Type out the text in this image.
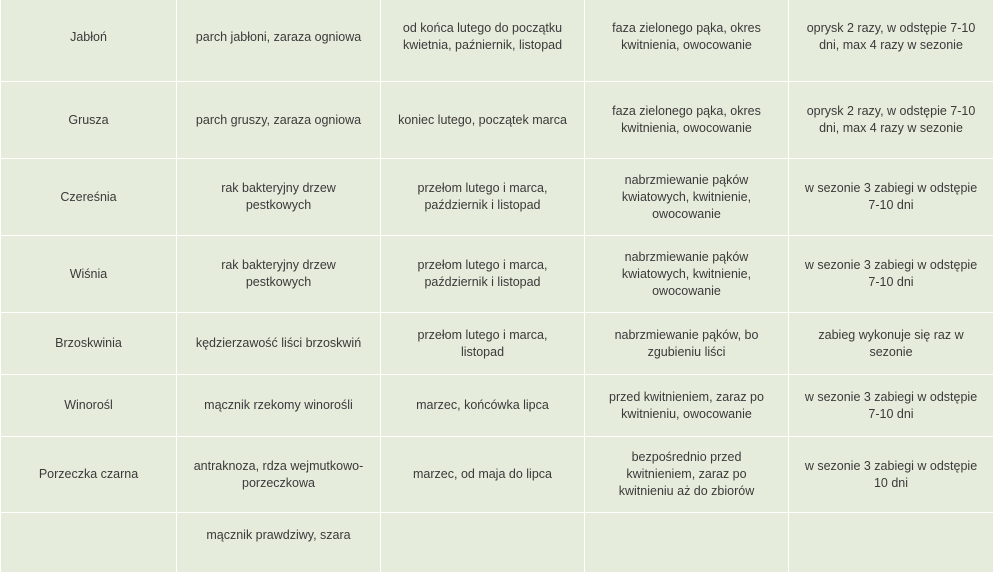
Jabłoń	parch jabłoni, zaraza ogniowa	od końca lutego do początku kwietnia, paźniernik, listopad	faza zielonego pąka, okres kwitnienia, owocowanie	oprysk 2 razy, w odstępie 7-10 dni, max 4 razy w sezonie
Grusza	parch gruszy, zaraza ogniowa	koniec lutego, początek marca	faza zielonego pąka, okres kwitnienia, owocowanie	oprysk 2 razy, w odstępie 7-10 dni, max 4 razy w sezonie
Czereśnia	rak bakteryjny drzew pestkowych	przełom lutego i marca, październik i listopad	nabrzmiewanie pąków kwiatowych, kwitnienie, owocowanie	w sezonie 3 zabiegi w odstępie 7-10 dni
Wiśnia	rak bakteryjny drzew pestkowych	przełom lutego i marca, październik i listopad	nabrzmiewanie pąków kwiatowych, kwitnienie, owocowanie	w sezonie 3 zabiegi w odstępie 7-10 dni
Brzoskwinia	kędzierzawość liści brzoskwiń	przełom lutego i marca, listopad	nabrzmiewanie pąków, bo zgubieniu liści	zabieg wykonuje się raz w sezonie
Winorośl	mącznik rzekomy winorośli	marzec, końcówka lipca	przed kwitnieniem, zaraz po kwitnieniu, owocowanie	w sezonie 3 zabiegi w odstępie 7-10 dni
Porzeczka czarna	antraknoza, rdza wejmutkowo-porzeczkowa	marzec, od maja do lipca	bezpośrednio przed kwitnieniem, zaraz po kwitnieniu aż do zbiorów	w sezonie 3 zabiegi w odstępie 10 dni
	mącznik prawdziwy, szara			
